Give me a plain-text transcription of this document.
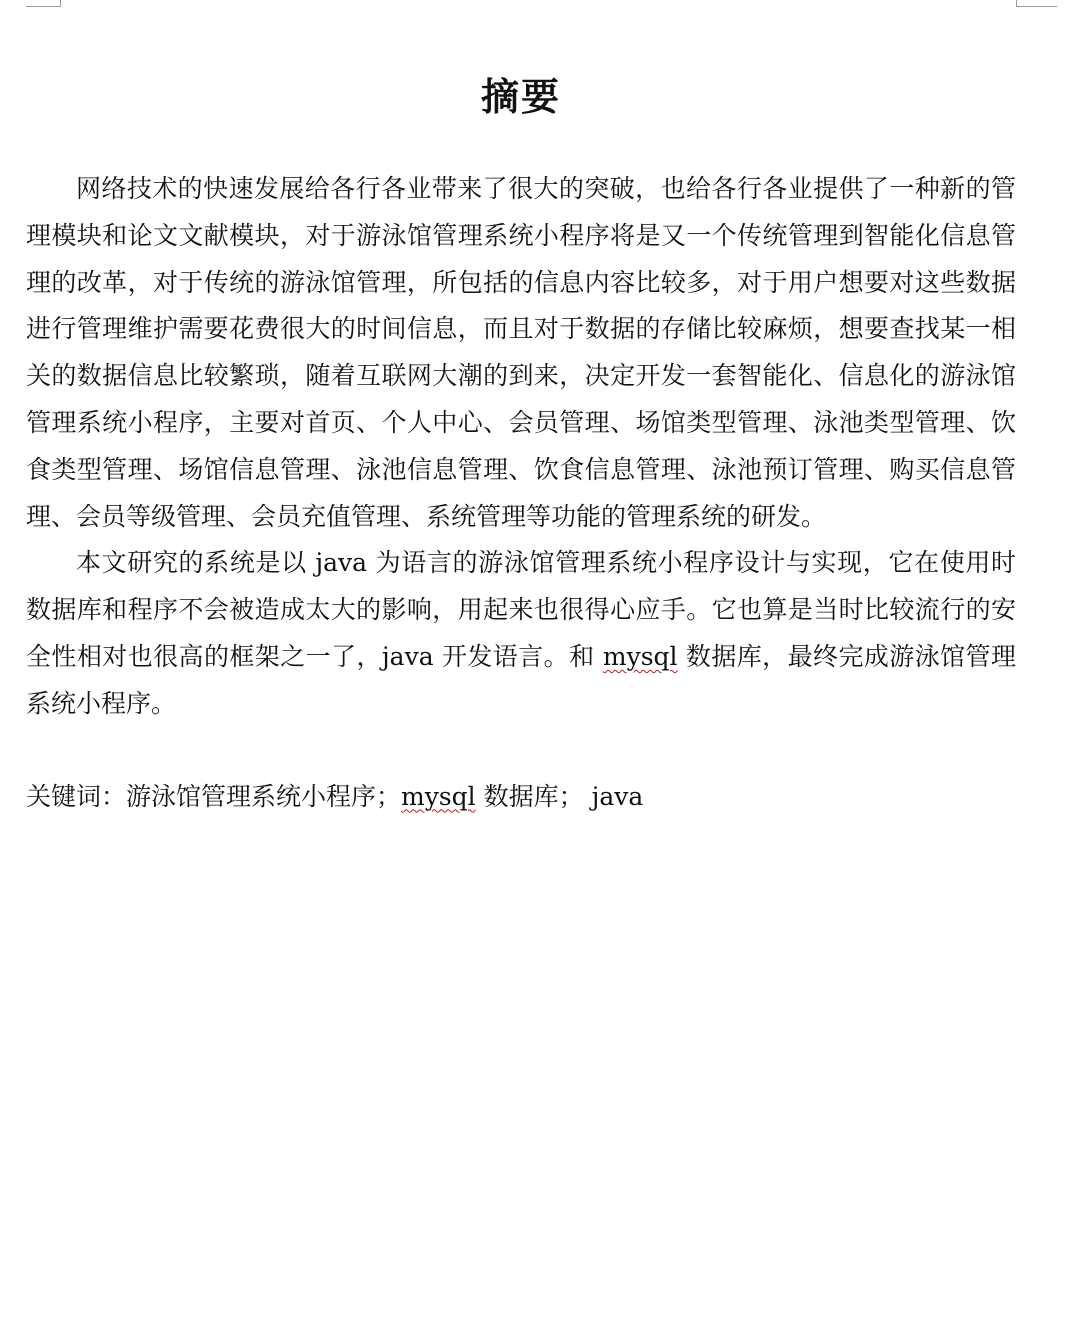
摘要

网络技术的快速发展给各行各业带来了很大的突破，也给各行各业提供了一种新的管理模块和论文文献模块，对于游泳馆管理系统小程序将是又一个传统管理到智能化信息管理的改革，对于传统的游泳馆管理，所包括的信息内容比较多，对于用户想要对这些数据进行管理维护需要花费很大的时间信息，而且对于数据的存储比较麻烦，想要查找某一相关的数据信息比较繁琐，随着互联网大潮的到来，决定开发一套智能化、信息化的游泳馆管理系统小程序，主要对首页、个人中心、会员管理、场馆类型管理、泳池类型管理、饮食类型管理、场馆信息管理、泳池信息管理、饮食信息管理、泳池预订管理、购买信息管理、会员等级管理、会员充值管理、系统管理等功能的管理系统的研发。

本文研究的系统是以 java 为语言的游泳馆管理系统小程序设计与实现，它在使用时数据库和程序不会被造成太大的影响，用起来也很得心应手。它也算是当时比较流行的安全性相对也很高的框架之一了，java 开发语言。和 mysql 数据库，最终完成游泳馆管理系统小程序。

关键词：游泳馆管理系统小程序；mysql 数据库； java
